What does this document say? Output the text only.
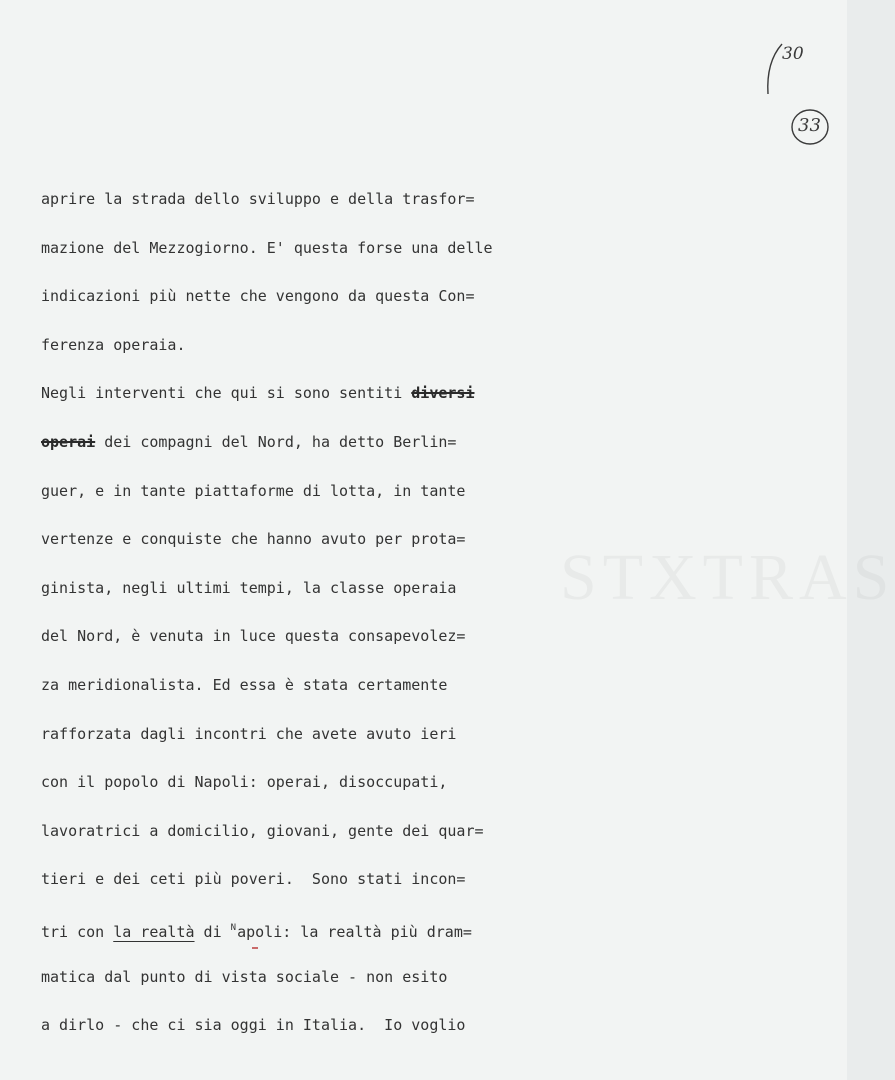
STXTRAS
30
33
aprire la strada dello sviluppo e della trasfor=
mazione del Mezzogiorno. E' questa forse una delle
indicazioni più nette che vengono da questa Con=
ferenza operaia.
Negli interventi che qui si sono sentiti diversi
operai dei compagni del Nord, ha detto Berlin=
guer, e in tante piattaforme di lotta, in tante
vertenze e conquiste che hanno avuto per prota=
ginista, negli ultimi tempi, la classe operaia
del Nord, è venuta in luce questa consapevolez=
za meridionalista. Ed essa è stata certamente
rafforzata dagli incontri che avete avuto ieri
con il popolo di Napoli: operai, disoccupati,
lavoratrici a domicilio, giovani, gente dei quar=
tieri e dei ceti più poveri.  Sono stati incon=
tri con la realtà di $^N$apoli: la realtà più dram=
matica dal punto di vista sociale - non esito
a dirlo - che ci sia oggi in Italia.  Io voglio
